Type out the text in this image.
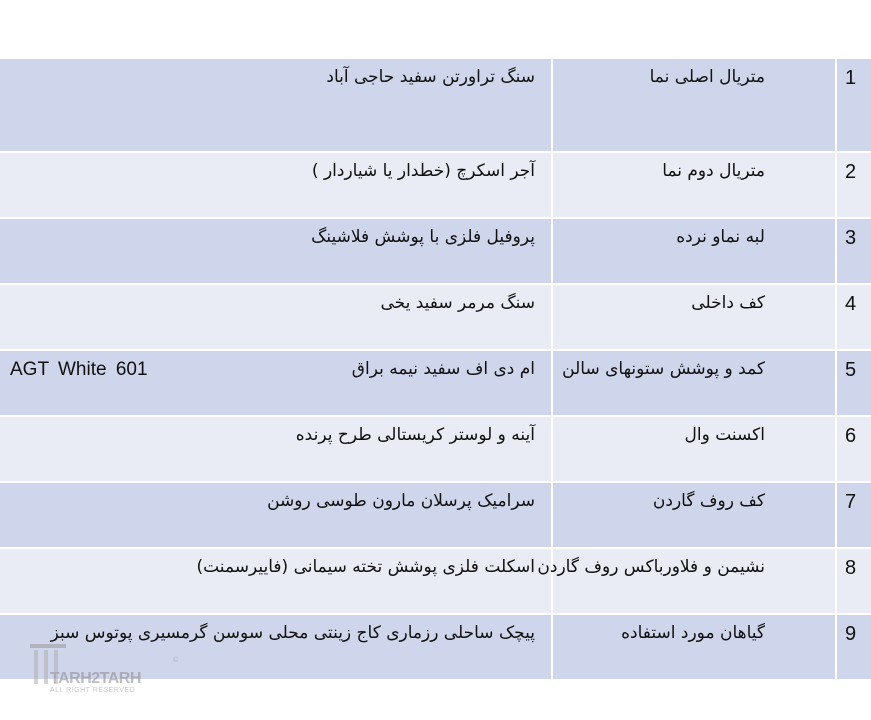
1
متریال اصلی نما
سنگ تراورتن سفید حاجی آباد
2
متریال دوم نما
آجر اسکرچ (خطدار یا شیاردار )
3
لبه نماو نرده
پروفیل فلزی با پوشش فلاشینگ
4
کف داخلی
سنگ مرمر سفید یخی
5
کمد و پوشش ستونهای سالن
ام دی اف سفید نیمه براق
AGT White 601
6
اکسنت وال
آینه و لوستر کریستالی طرح پرنده
7
کف روف گاردن
سرامیک پرسلان مارون طوسی روشن
8
نشیمن و فلاورباکس روف گاردن
اسکلت فلزی پوشش تخته سیمانی (فاییرسمنت)
9
گیاهان مورد استفاده
پیچک ساحلی رزماری کاج زینتی محلی سوسن گرمسیری پوتوس سبز
TARH2TARH
©
ALL RIGHT RESERVED
